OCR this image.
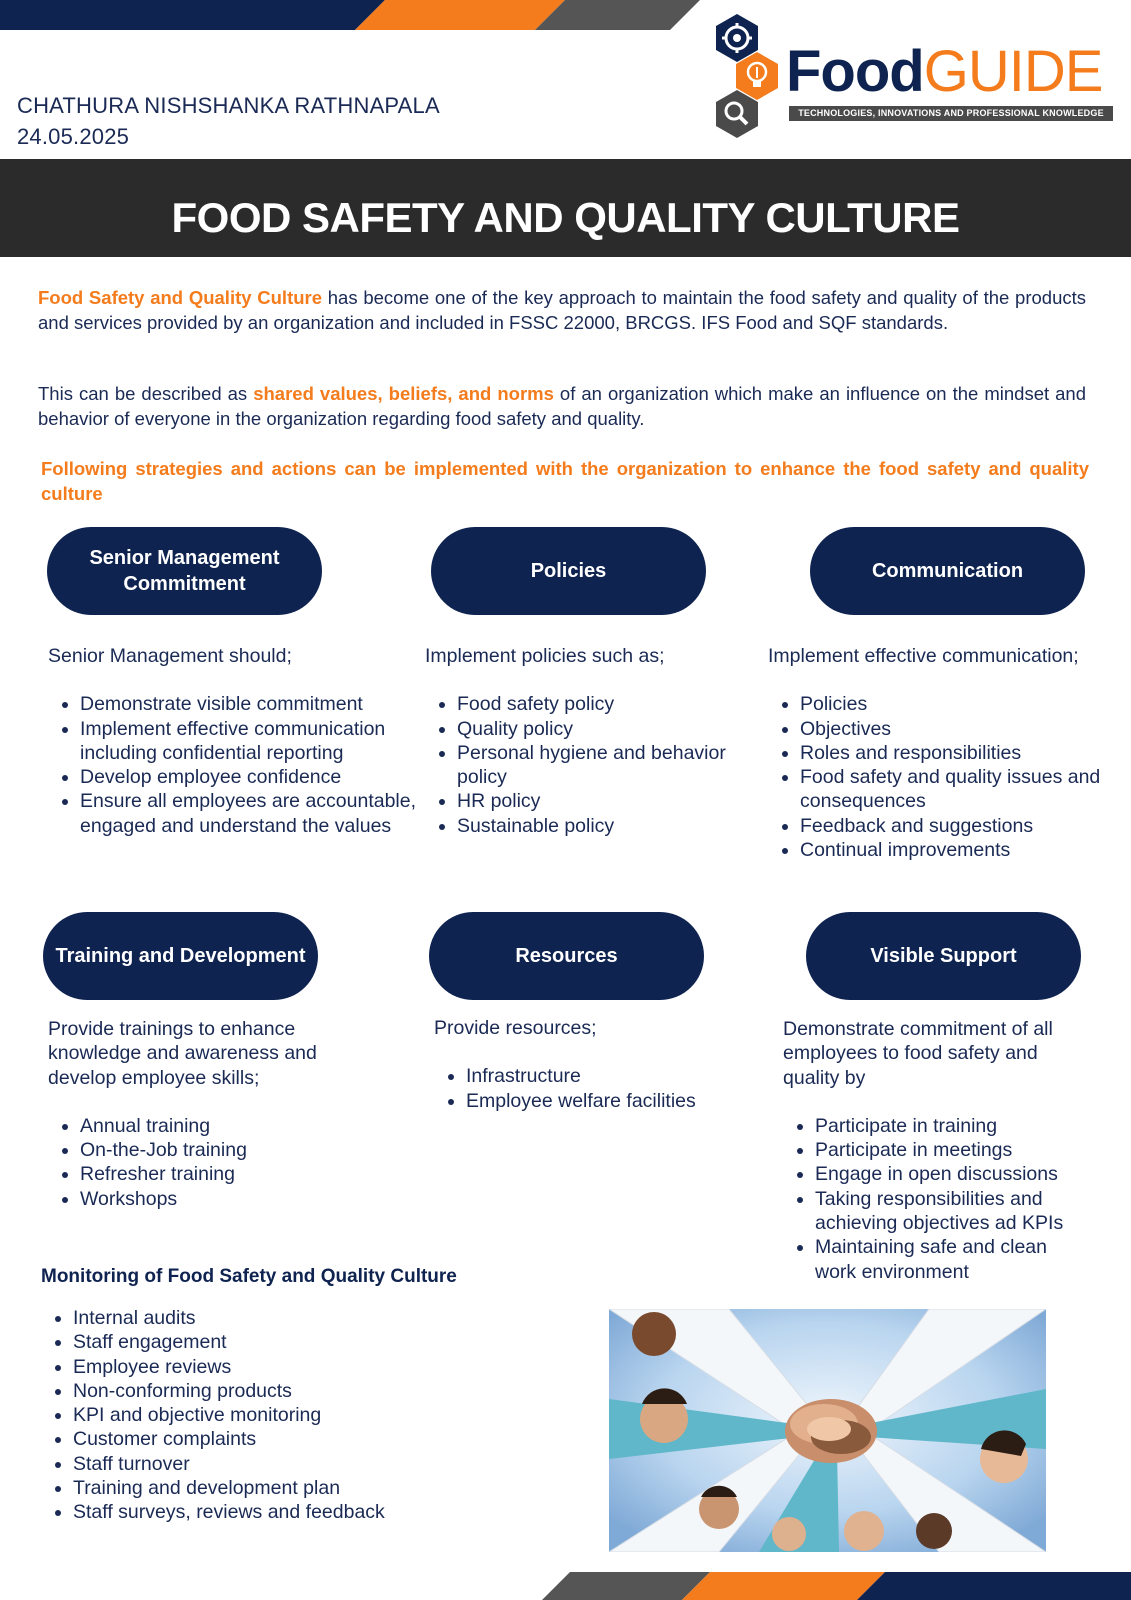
CHATHURA NISHSHANKA RATHNAPALA
24.05.2025
FoodGUIDE
TECHNOLOGIES, INNOVATIONS AND PROFESSIONAL KNOWLEDGE
FOOD SAFETY AND QUALITY CULTURE
Food Safety and Quality Culture has become one of the key approach to maintain the food safety and quality of the products and services provided by an organization and included in FSSC 22000, BRCGS. IFS Food and SQF standards.
This can be described as shared values, beliefs, and norms of an organization which make an influence on the mindset and behavior of everyone in the organization regarding food safety and quality.
Following strategies and actions can be implemented with the organization to enhance the food safety and quality culture
Senior Management Commitment
Policies	Communication

Senior Management should;

• Demonstrate visible commitment
• Implement effective communication including confidential reporting
• Develop employee confidence
• Ensure all employees are accountable, engaged and understand the values

Implement policies such as;

• Food safety policy
• Quality policy
• Personal hygiene and behavior policy
• HR policy
• Sustainable policy

Implement effective communication;

• Policies
• Objectives
• Roles and responsibilities
• Food safety and quality issues and consequences
• Feedback and suggestions
• Continual improvements
Training and Development	Resources	Visible Support

Provide trainings to enhance knowledge and awareness and develop employee skills;

• Annual training
• On-the-Job training
• Refresher training
• Workshops

Provide resources;

• Infrastructure
• Employee welfare facilities

Demonstrate commitment of all employees to food safety and quality by

• Participate in training
• Participate in meetings
• Engage in open discussions
• Taking responsibilities and achieving objectives ad KPIs
• Maintaining safe and clean work environment
Monitoring of Food Safety and Quality Culture
• Internal audits
• Staff engagement
• Employee reviews
• Non-conforming products
• KPI and objective monitoring
• Customer complaints
• Staff turnover
• Training and development plan
• Staff surveys, reviews and feedback
